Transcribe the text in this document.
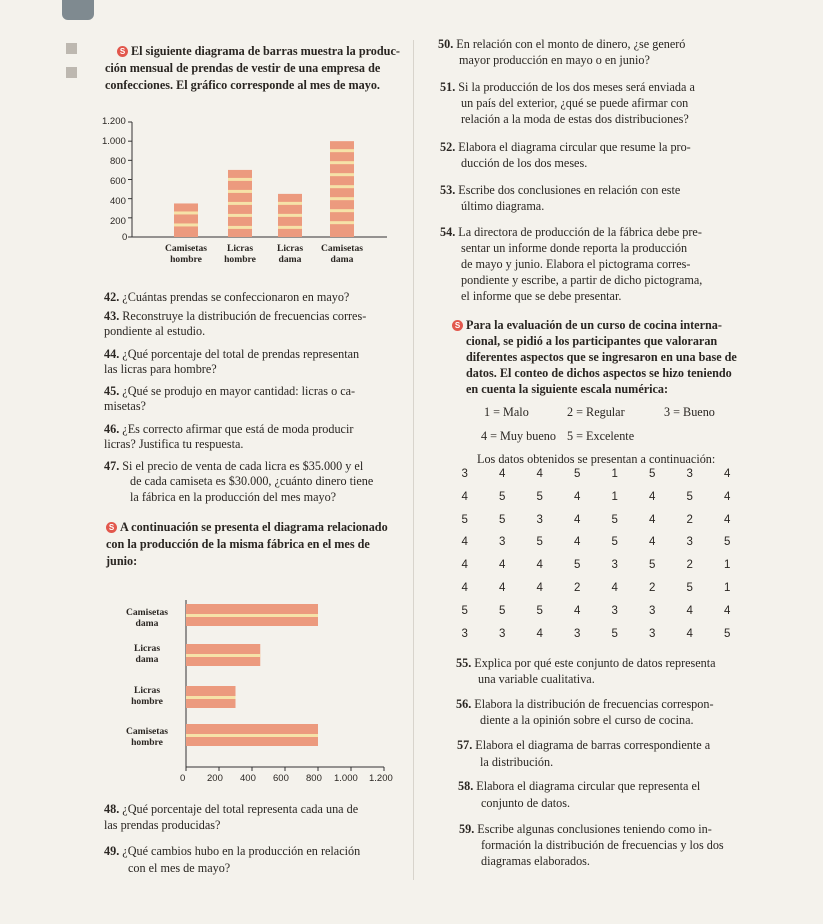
S El siguiente diagrama de barras muestra la produc-
ción mensual de prendas de vestir de una empresa de
confecciones. El gráfico corresponde al mes de mayo.
1.200
1.000
800
600
400
200
0
Camisetas
hombre
Licras
hombre
Licras
dama
Camisetas
dama
42. ¿Cuántas prendas se confeccionaron en mayo?
43. Reconstruye la distribución de frecuencias corres-
pondiente al estudio.
44. ¿Qué porcentaje del total de prendas representan
las licras para hombre?
45. ¿Qué se produjo en mayor cantidad: licras o ca-
misetas?
46. ¿Es correcto afirmar que está de moda producir
licras? Justifica tu respuesta.
47. Si el precio de venta de cada licra es $35.000 y el
de cada camiseta es $30.000, ¿cuánto dinero tiene
la fábrica en la producción del mes mayo?
S A continuación se presenta el diagrama relacionado
con la producción de la misma fábrica en el mes de
junio:
Camisetas
dama
Licras
dama
Licras
hombre
Camisetas
hombre
0 200 400 600 800 1.000 1.200
48. ¿Qué porcentaje del total representa cada una de
las prendas producidas?
49. ¿Qué cambios hubo en la producción en relación
con el mes de mayo?
50. En relación con el monto de dinero, ¿se generó
mayor producción en mayo o en junio?
51. Si la producción de los dos meses será enviada a
un país del exterior, ¿qué se puede afirmar con
relación a la moda de estas dos distribuciones?
52. Elabora el diagrama circular que resume la pro-
ducción de los dos meses.
53. Escribe dos conclusiones en relación con este
último diagrama.
54. La directora de producción de la fábrica debe pre-
sentar un informe donde reporta la producción
de mayo y junio. Elabora el pictograma corres-
pondiente y escribe, a partir de dicho pictograma,
el informe que se debe presentar.
S Para la evaluación de un curso de cocina interna-
cional, se pidió a los participantes que valoraran
diferentes aspectos que se ingresaron en una base de
datos. El conteo de dichos aspectos se hizo teniendo
en cuenta la siguiente escala numérica:
1 = Malo	2 = Regular	3 = Bueno
4 = Muy bueno 5 = Excelente
Los datos obtenidos se presentan a continuación:
3	4	4	5	1	5	3	4
4	5	5	4	1	4	5	4
5	5	3	4	5	4	2	4
4	3	5	4	5	4	3	5
4	4	4	5	3	5	2	1
4	4	4	2	4	2	5	1
5	5	5	4	3	3	4	4
3	3	4	3	5	3	4	5
55. Explica por qué este conjunto de datos representa
una variable cualitativa.
56. Elabora la distribución de frecuencias correspon-
diente a la opinión sobre el curso de cocina.
57. Elabora el diagrama de barras correspondiente a
la distribución.
58. Elabora el diagrama circular que representa el
conjunto de datos.
59. Escribe algunas conclusiones teniendo como in-
formación la distribución de frecuencias y los dos
diagramas elaborados.
